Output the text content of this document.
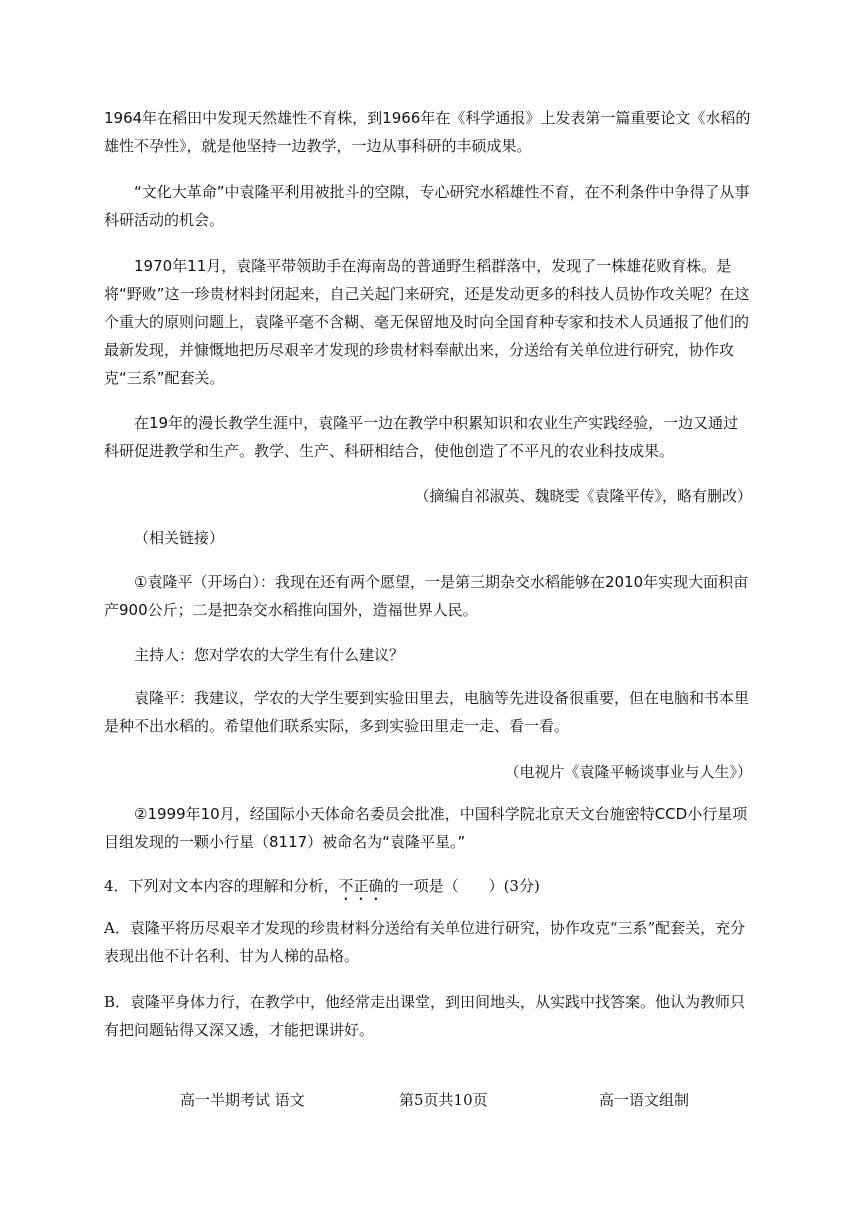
1964年在稻田中发现天然雄性不育株，到1966年在《科学通报》上发表第一篇重要论文《水稻的雄性不孕性》，就是他坚持一边教学，一边从事科研的丰硕成果。

“文化大革命”中袁隆平利用被批斗的空隙，专心研究水稻雄性不育，在不利条件中争得了从事科研活动的机会。

1970年11月，袁隆平带领助手在海南岛的普通野生稻群落中，发现了一株雄花败育株。是将“野败”这一珍贵材料封闭起来，自己关起门来研究，还是发动更多的科技人员协作攻关呢？在这个重大的原则问题上，袁隆平毫不含糊、毫无保留地及时向全国育种专家和技术人员通报了他们的最新发现，并慷慨地把历尽艰辛才发现的珍贵材料奉献出来，分送给有关单位进行研究，协作攻克“三系”配套关。

在19年的漫长教学生涯中，袁隆平一边在教学中积累知识和农业生产实践经验，一边又通过科研促进教学和生产。教学、生产、科研相结合，使他创造了不平凡的农业科技成果。

（摘编自祁淑英、魏晓雯《袁隆平传》，略有删改）

（相关链接）

①袁隆平（开场白）：我现在还有两个愿望，一是第三期杂交水稻能够在2010年实现大面积亩产900公斤；二是把杂交水稻推向国外，造福世界人民。

主持人：您对学农的大学生有什么建议？

袁隆平：我建议，学农的大学生要到实验田里去，电脑等先进设备很重要，但在电脑和书本里是种不出水稻的。希望他们联系实际，多到实验田里走一走、看一看。

（电视片《袁隆平畅谈事业与人生》）

②1999年10月，经国际小天体命名委员会批准，中国科学院北京天文台施密特CCD小行星项目组发现的一颗小行星（8117）被命名为“袁隆平星。”

4．下列对文本内容的理解和分析，不正确的一项是（　　）(3分)

A．袁隆平将历尽艰辛才发现的珍贵材料分送给有关单位进行研究，协作攻克“三系”配套关，充分表现出他不计名利、甘为人梯的品格。

B．袁隆平身体力行，在教学中，他经常走出课堂，到田间地头，从实践中找答案。他认为教师只有把问题钻得又深又透，才能把课讲好。

高一半期考试 语文	第5页共10页	高一语文组制
